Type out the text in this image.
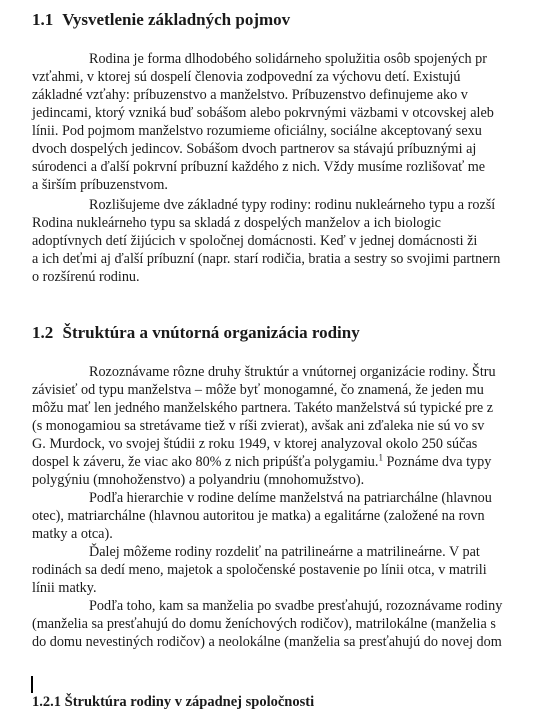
1.1 Vysvetlenie základných pojmov
Rodina je forma dlhodobého solidárneho spolužitia osôb spojených pr
vzťahmi, v ktorej sú dospelí členovia zodpovední za výchovu detí. Existujú
základné vzťahy: príbuzenstvo a manželstvo. Príbuzenstvo definujeme ako v
jedincami, ktorý vzniká buď sobášom alebo pokrvnými väzbami v otcovskej aleb
línii. Pod pojmom manželstvo rozumieme oficiálny, sociálne akceptovaný sexu
dvoch dospelých jedincov. Sobášom dvoch partnerov sa stávajú príbuznými aj
súrodenci a ďalší pokrvní príbuzní každého z nich. Vždy musíme rozlišovať me
a širším príbuzenstvom.
Rozlišujeme dve základné typy rodiny: rodinu nukleárneho typu a rozší
Rodina nukleárneho typu sa skladá z dospelých manželov a ich biologic
adoptívnych detí žijúcich v spoločnej domácnosti. Keď v jednej domácnosti ži
a ich deťmi aj ďalší príbuzní (napr. starí rodičia, bratia a sestry so svojimi partnern
o rozšírenú rodinu.
1.2 Štruktúra a vnútorná organizácia rodiny
Rozoznávame rôzne druhy štruktúr a vnútornej organizácie rodiny. Štru
závisieť od typu manželstva – môže byť monogamné, čo znamená, že jeden mu
môžu mať len jedného manželského partnera. Takéto manželstvá sú typické pre z
(s monogamiou sa stretávame tiež v ríši zvierat), avšak ani zďaleka nie sú vo sv
G. Murdock, vo svojej štúdii z roku 1949, v ktorej analyzoval okolo 250 súčas
dospel k záveru, že viac ako 80% z nich pripúšťa polygamiu.$^1$ Poznáme dva typy
polygýniu (mnohoženstvo) a polyandriu (mnohomužstvo).
Podľa hierarchie v rodine delíme manželstvá na patriarchálne (hlavnou
otec), matriarchálne (hlavnou autoritou je matka) a egalitárne (založené na rovn
matky a otca).
Ďalej môžeme rodiny rozdeliť na patrilineárne a matrilineárne. V pat
rodinách sa dedí meno, majetok a spoločenské postavenie po línii otca, v matrili
línii matky.
Podľa toho, kam sa manželia po svadbe presťahujú, rozoznávame rodiny
(manželia sa presťahujú do domu ženíchových rodičov), matrilokálne (manželia s
do domu nevestiných rodičov) a neolokálne (manželia sa presťahujú do novej dom
1.2.1 Štruktúra rodiny v západnej spoločnosti
